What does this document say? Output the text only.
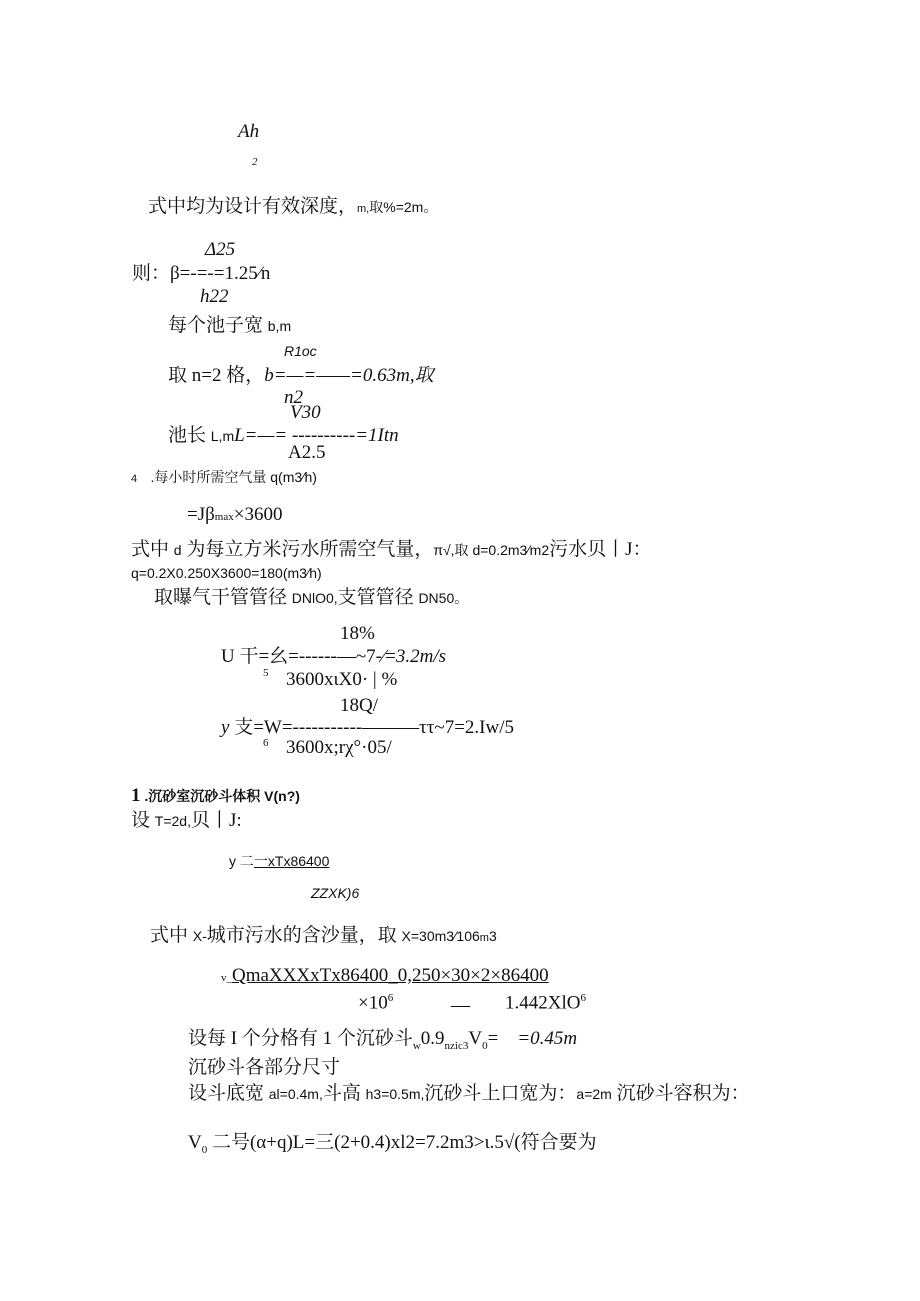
Ah
2
式中均为设计有效深度，m,取%=2m。
Δ25
则：β=-=-=1.25∕n
h22
每个池子宽 b,m
R1oc
取 n=2 格，b=—=——=0.63m,取
n2
V30
池长 L,mL=—= ----------=1Itn
A2.5
4 .每小时所需空气量 q(m3∕h)
=Jβmax×3600
式中 d 为每立方米污水所需空气量，π√,取 d=0.2m3∕m2污水贝丨J：
q=0.2X0.250X3600=180(m3∕h)
取曝气干管管径 DNlO0,支管管径 DN50。
18%
U 干=幺=------—~7-∕=3.2m/s
5 3600xιX0· | %
18Q/
y 支=W=-----------———ττ~7=2.Iw/5
6 3600x;rχ°·05/
1 .沉砂室沉砂斗体积 V(n?)
设 T=2d,贝丨J:
y 二一xTx86400
ZZXK)6
式中 X-城市污水的含沙量，取 X=30m3∕106m3
v_QmaXXXxTx86400_0,250×30×2×86400
$\times 10^6$	— 1.442XlO$^6$
设每 I 个分格有 1 个沉砂斗$_w0.9_{nzic3}V_0= =0.45m$
沉砂斗各部分尺寸
设斗底宽 al=0.4m,斗高 h3=0.5m,沉砂斗上口宽为：a=2m 沉砂斗容积为：
$V_0$ 二号(α+q)L=三(2+0.4)xl2=7.2m3>ι.5√(符合要为
